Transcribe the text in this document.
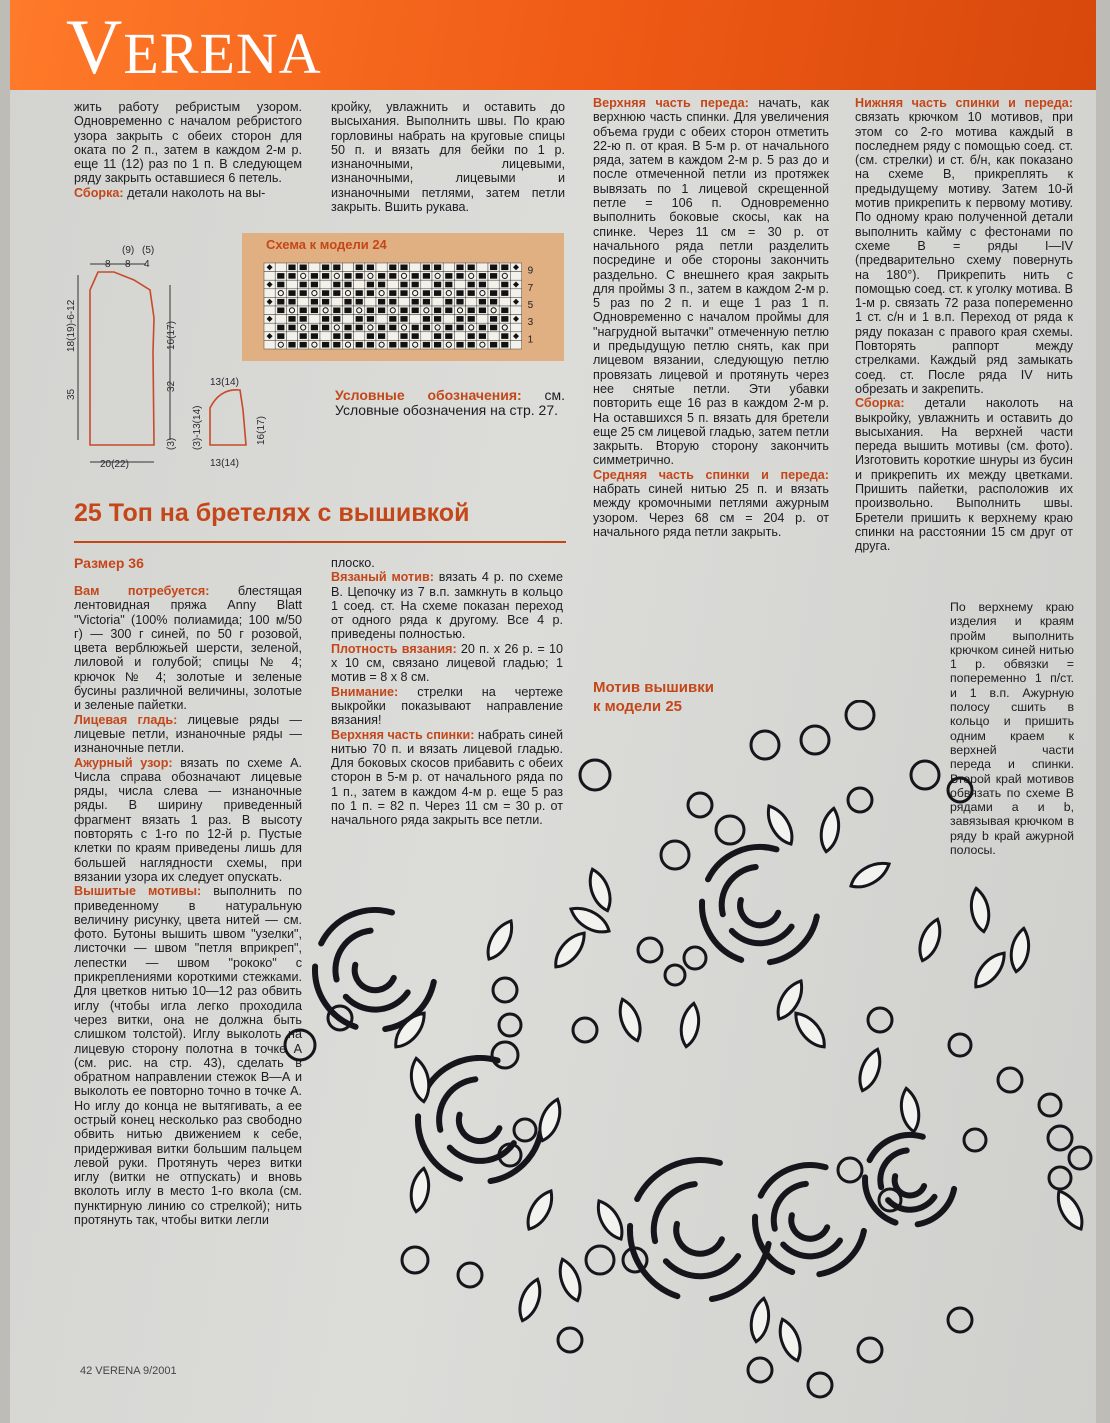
VERENA

жить работу ребристым узором. Одновременно с началом ребристого узора закрыть с обеих сторон для оката по 2 п., затем в каждом 2-м р. еще 11 (12) раз по 1 п. В следующем ряду закрыть оставшиеся 6 петель.

Сборка: детали наколоть на вы-

кройку, увлажнить и оставить до высыхания. Выполнить швы. По краю горловины набрать на круговые спицы 50 п. и вязать для бейки по 1 р. изнаночными, лицевыми, изнаночными, лицевыми и изнаночными петлями, затем петли закрыть. Вшить рукава.

(9) (5)
8 8 4
18(19)-6-12
35
16(17)
32
(3)
20(22)
13(14)
(3)-13(14)	16(17)
13(14)
Схема к модели 24
9
7
5
3
1
Условные обозначения: см. Условные обозначения на стр. 27.
25 Топ на бретелях с вышивкой
Размер 36

Вам потребуется: блестящая лентовидная пряжа Anny Blatt "Victoria" (100% полиамида; 100 м/50 г) — 300 г синей, по 50 г розовой, цвета верблюжьей шерсти, зеленой, лиловой и голубой; спицы № 4; крючок № 4; золотые и зеленые бусины различной величины, золотые и зеленые пайетки.

Лицевая гладь: лицевые ряды — лицевые петли, изнаночные ряды — изнаночные петли.

Ажурный узор: вязать по схеме А. Числа справа обозначают лицевые ряды, числа слева — изнаночные ряды. В ширину приведенный фрагмент вязать 1 раз. В высоту повторять с 1-го по 12-й р. Пустые клетки по краям приведены лишь для большей наглядности схемы, при вязании узора их следует опускать.

Вышитые мотивы: выполнить по приведенному в натуральную величину рисунку, цвета нитей — см. фото. Бутоны вышить швом "узелки", листочки — швом "петля вприкреп", лепестки — швом "рококо" с прикреплениями короткими стежками. Для цветков нитью 10—12 раз обвить иглу (чтобы игла легко проходила через витки, она не должна быть слишком толстой). Иглу выколоть на лицевую сторону полотна в точке А (см. рис. на стр. 43), сделать в обратном направлении стежок В—А и выколоть ее повторно точно в точке А. Но иглу до конца не вытягивать, а ее острый конец несколько раз свободно обвить нитью движением к себе, придерживая витки большим пальцем левой руки. Протянуть через витки иглу (витки не отпускать) и вновь вколоть иглу в место 1-го вкола (см. пунктирную линию со стрелкой); нить протянуть так, чтобы витки легли

плоско.

Вязаный мотив: вязать 4 р. по схеме В. Цепочку из 7 в.п. замкнуть в кольцо 1 соед. ст. На схеме показан переход от одного ряда к другому. Все 4 р. приведены полностью.

Плотность вязания: 20 п. х 26 р. = 10 х 10 см, связано лицевой гладью; 1 мотив = 8 х 8 см.

Внимание: стрелки на чертеже выкройки показывают направление вязания!

Верхняя часть спинки: набрать синей нитью 70 п. и вязать лицевой гладью. Для боковых скосов прибавить с обеих сторон в 5-м р. от начального ряда по 1 п., затем в каждом 4-м р. еще 5 раз по 1 п. = 82 п. Через 11 см = 30 р. от начального ряда закрыть все петли.

Верхняя часть переда: начать, как верхнюю часть спинки. Для увеличения объема груди с обеих сторон отметить 22-ю п. от края. В 5-м р. от начального ряда, затем в каждом 2-м р. 5 раз до и после отмеченной петли из протяжек вывязать по 1 лицевой скрещенной петле = 106 п. Одновременно выполнить боковые скосы, как на спинке. Через 11 см = 30 р. от начального ряда петли разделить посредине и обе стороны закончить раздельно. С внешнего края закрыть для проймы 3 п., затем в каждом 2-м р. 5 раз по 2 п. и еще 1 раз 1 п. Одновременно с началом проймы для "нагрудной вытачки" отмеченную петлю и предыдущую петлю снять, как при лицевом вязании, следующую петлю провязать лицевой и протянуть через нее снятые петли. Эти убавки повторить еще 16 раз в каждом 2-м р. На оставшихся 5 п. вязать для бретели еще 25 см лицевой гладью, затем петли закрыть. Вторую сторону закончить симметрично.

Средняя часть спинки и переда: набрать синей нитью 25 п. и вязать между кромочными петлями ажурным узором. Через 68 см = 204 р. от начального ряда петли закрыть.

Мотив вышивки
к модели 25

Нижняя часть спинки и переда: связать крючком 10 мотивов, при этом со 2-го мотива каждый в последнем ряду с помощью соед. ст. (см. стрелки) и ст. б/н, как показано на схеме В, прикреплять к предыдущему мотиву. Затем 10-й мотив прикрепить к первому мотиву. По одному краю полученной детали выполнить кайму с фестонами по схеме В = ряды I—IV (предварительно схему повернуть на 180°). Прикрепить нить с помощью соед. ст. к уголку мотива. В 1-м р. связать 72 раза попеременно 1 ст. с/н и 1 в.п. Переход от ряда к ряду показан с правого края схемы. Повторять раппорт между стрелками. Каждый ряд замыкать соед. ст. После ряда IV нить обрезать и закрепить.

Сборка: детали наколоть на выкройку, увлажнить и оставить до высыхания. На верхней части переда вышить мотивы (см. фото). Изготовить короткие шнуры из бусин и прикрепить их между цветками. Пришить пайетки, расположив их произвольно. Выполнить швы. Бретели пришить к верхнему краю спинки на расстоянии 15 см друг от друга.

По верхнему краю изделия и краям пройм выполнить крючком синей нитью 1 р. обвязки = попеременно 1 п/ст. и 1 в.п. Ажурную полосу сшить в кольцо и пришить одним краем к верхней части переда и спинки. Второй край мотивов обвязать по схеме В рядами a и b, завязывая крючком в ряду b край ажурной полосы.

42 VERENA 9/2001
